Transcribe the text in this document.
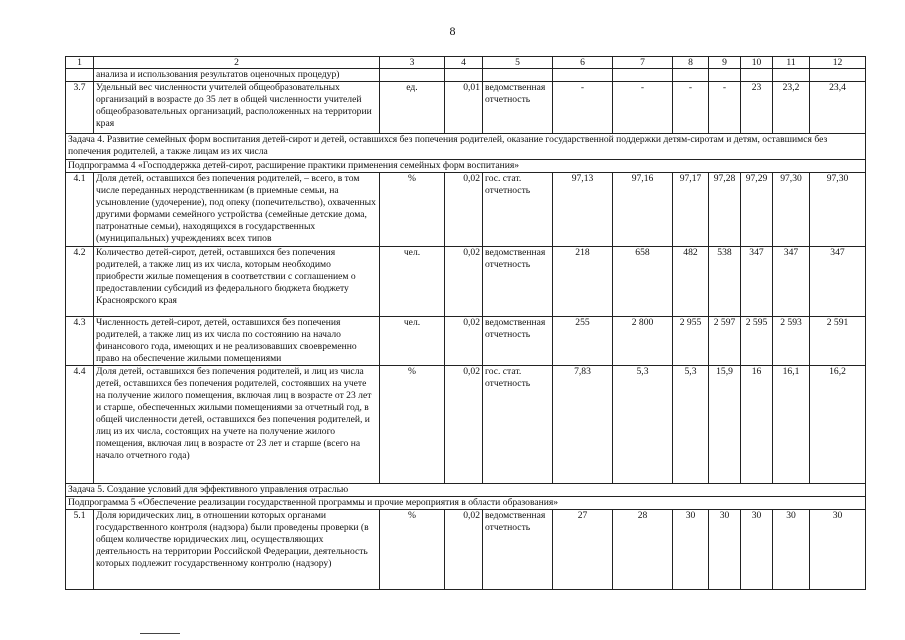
8
1	2	3	4	5	6	7	8	9	10	11	12
	анализа и использования результатов оценочных процедур)										
3.7	Удельный вес численности учителей общеобразовательных организаций в возрасте до 35 лет в общей численности учителей общеобразовательных организаций, расположенных на территории края	ед.	0,01	ведомственная отчетность	-	-	-	-	23	23,2	23,4
Задача 4. Развитие семейных форм воспитания детей-сирот и детей, оставшихся без попечения родителей, оказание государственной поддержки детям-сиротам и детям, оставшимся без попечения родителей, а также лицам из их числа											
Подпрограмма 4 «Господдержка детей-сирот, расширение практики применения семейных форм воспитания»											
4.1	Доля детей, оставшихся без попечения родителей, – всего, в том числе переданных неродственникам (в приемные семьи, на усыновление (удочерение), под опеку (попечительство), охваченных другими формами семейного устройства (семейные детские дома, патронатные семьи), находящихся в государственных (муниципальных) учреждениях всех типов	%	0,02	гос. стат. отчетность	97,13	97,16	97,17	97,28	97,29	97,30	97,30
4.2	Количество детей-сирот, детей, оставшихся без попечения родителей, а также лиц из их числа, которым необходимо приобрести жилые помещения в соответствии с соглашением о предоставлении субсидий из федерального бюджета бюджету Красноярского края	чел.	0,02	ведомственная отчетность	218	658	482	538	347	347	347
4.3	Численность детей-сирот, детей, оставшихся без попечения родителей, а также лиц из их числа по состоянию на начало финансового года, имеющих и не реализовавших своевременно право на обеспечение жилыми помещениями	чел.	0,02	ведомственная отчетность	255	2 800	2 955	2 597	2 595	2 593	2 591
4.4	Доля детей, оставшихся без попечения родителей, и лиц из числа детей, оставшихся без попечения родителей, состоявших на учете на получение жилого помещения, включая лиц в возрасте от 23 лет и старше, обеспеченных жилыми помещениями за отчетный год, в общей численности детей, оставшихся без попечения родителей, и лиц из их числа, состоящих на учете на получение жилого помещения, включая лиц в возрасте от 23 лет и старше (всего на начало отчетного года)	%	0,02	гос. стат. отчетность	7,83	5,3	5,3	15,9	16	16,1	16,2
Задача 5. Создание условий для эффективного управления отраслью											
Подпрограмма 5 «Обеспечение реализации государственной программы и прочие мероприятия в области образования»											
5.1	Доля юридических лиц, в отношении которых органами государственного контроля (надзора) были проведены проверки (в общем количестве юридических лиц, осуществляющих деятельность на территории Российской Федерации, деятельность которых подлежит государственному контролю (надзору)	%	0,02	ведомственная отчетность	27	28	30	30	30	30	30
